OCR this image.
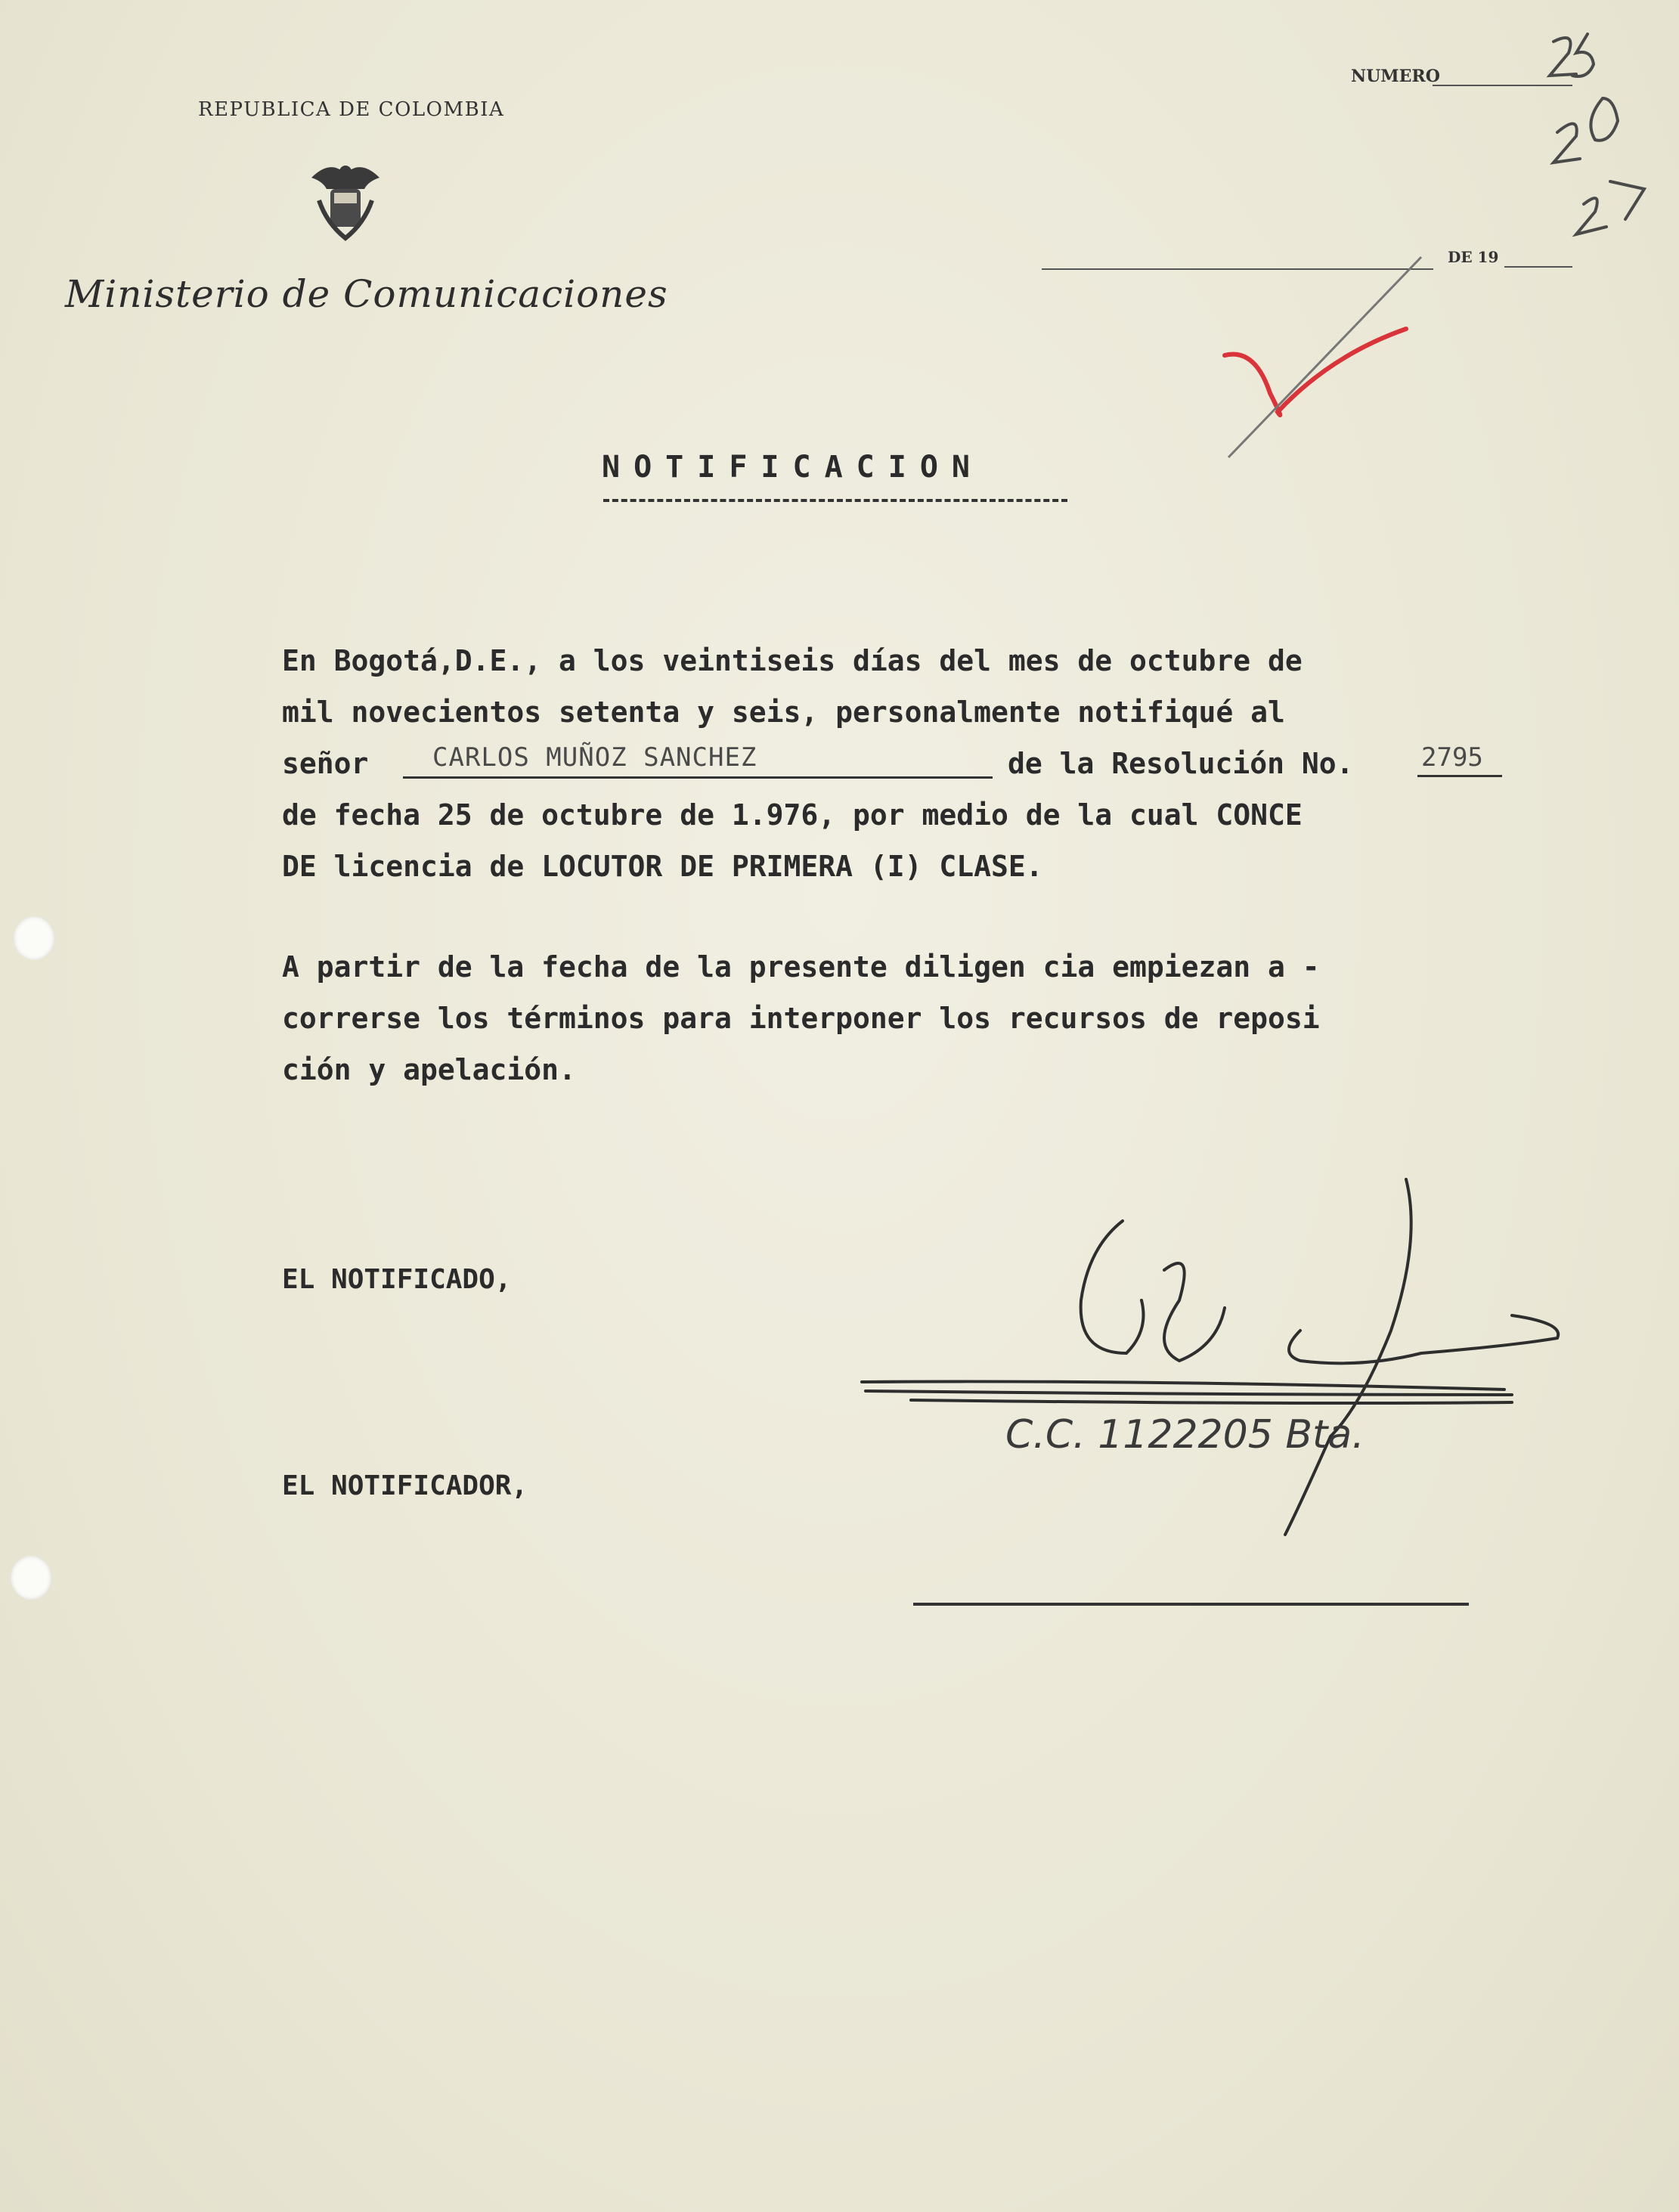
REPUBLICA DE COLOMBIA
Ministerio de Comunicaciones
NUMERO
DE 19
C.C. 1122205 Bta.
NOTIFICACION
En Bogotá,D.E., a los veintiseis días del mes de octubre de
mil novecientos setenta y seis, personalmente notifiqué al
señor	CARLOS MUÑOZ SANCHEZ	de la Resolución No.	2795
de fecha 25 de octubre de 1.976, por medio de la cual CONCE
DE licencia de LOCUTOR DE PRIMERA (I) CLASE.
A partir de la fecha de la presente diligen cia empiezan a -
correrse los términos para interponer los recursos de reposi
ción y apelación.
EL NOTIFICADO,
EL NOTIFICADOR,
